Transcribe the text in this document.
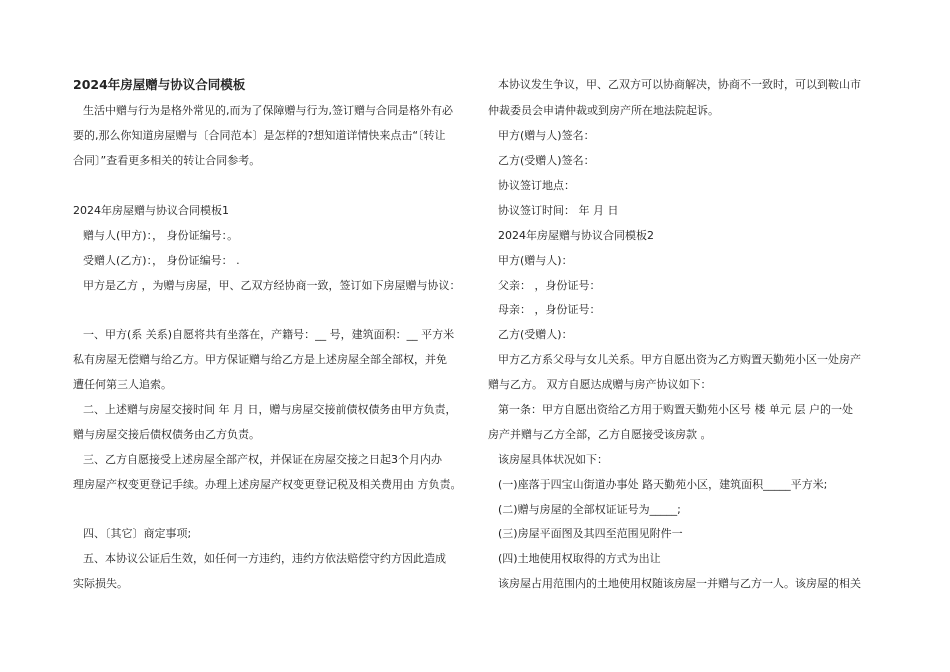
2024年房屋赠与协议合同模板
生活中赠与行为是格外常见的,而为了保障赠与行为,签订赠与合同是格外有必
要的,那么你知道房屋赠与〔合同范本〕是怎样的?想知道详情快来点击“〔转让
合同〕”查看更多相关的转让合同参考。
2024年房屋赠与协议合同模板1
赠与人(甲方)：， 身份证编号：。
受赠人(乙方)：， 身份证编号： .
甲方是乙方 ，为赠与房屋，甲、乙双方经协商一致，签订如下房屋赠与协议：
一、甲方(系 关系)自愿将共有坐落在，产籍号：__ 号，建筑面积：__ 平方米
私有房屋无偿赠与给乙方。甲方保证赠与给乙方是上述房屋全部全部权，并免
遭任何第三人追索。
二、上述赠与房屋交接时间 年 月 日，赠与房屋交接前债权债务由甲方负责，
赠与房屋交接后债权债务由乙方负责。
三、乙方自愿接受上述房屋全部产权，并保证在房屋交接之日起3个月内办
理房屋产权变更登记手续。办理上述房屋产权变更登记税及相关费用由 方负责。
四、〔其它〕商定事项;
五、本协议公证后生效，如任何一方违约，违约方依法赔偿守约方因此造成
实际损失。
本协议发生争议，甲、乙双方可以协商解决，协商不一致时，可以到鞍山市
仲裁委员会申请仲裁或到房产所在地法院起诉。
甲方(赠与人)签名：
乙方(受赠人)签名：
协议签订地点：
协议签订时间： 年 月 日
2024年房屋赠与协议合同模板2
甲方(赠与人)：
父亲： ，身份证号：
母亲： ，身份证号：
乙方(受赠人)：
甲方乙方系父母与女儿关系。甲方自愿出资为乙方购置天勤苑小区一处房产
赠与乙方。 双方自愿达成赠与房产协议如下：
第一条：甲方自愿出资给乙方用于购置天勤苑小区号 楼 单元 层 户的一处
房产并赠与乙方全部，乙方自愿接受该房款 。
该房屋具体状况如下：
(一)座落于四宝山街道办事处 路天勤苑小区，建筑面积_____平方米;
(二)赠与房屋的全部权证证号为_____;
(三)房屋平面图及其四至范围见附件一
(四)土地使用权取得的方式为出让
该房屋占用范围内的土地使用权随该房屋一并赠与乙方一人。该房屋的相关
